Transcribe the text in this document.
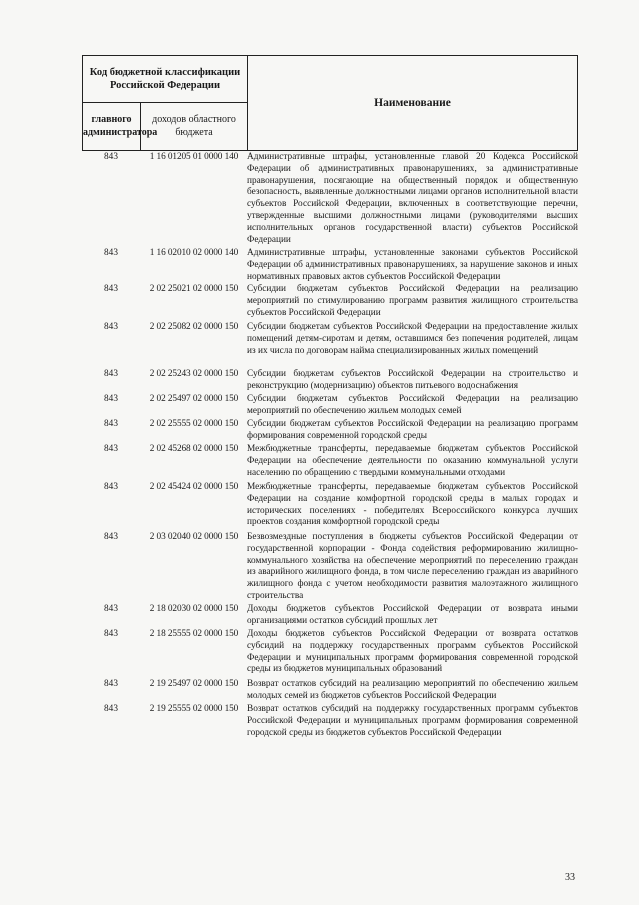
Код бюджетной классификации Российской Федерации		Наименование
главного администратора	доходов областного бюджета	
843	1 16 01205 01 0000 140 Административные штрафы, установленные главой 20 Кодекса Российской Федерации об административных правонарушениях, за административные правонарушения, посягающие на общественный порядок и общественную безопасность, выявленные должностными лицами органов исполнительной власти субъектов Российской Федерации, включенных в соответствующие перечни, утвержденные высшими должностными лицами (руководителями высших исполнительных органов государственной власти) субъектов Российской Федерации
843	1 16 02010 02 0000 140 Административные штрафы, установленные законами субъектов Российской Федерации об административных правонарушениях, за нарушение законов и иных нормативных правовых актов субъектов Российской Федерации
843	2 02 25021 02 0000 150 Субсидии бюджетам субъектов Российской Федерации на реализацию мероприятий по стимулированию программ развития жилищного строительства субъектов Российской Федерации
843	2 02 25082 02 0000 150 Субсидии бюджетам субъектов Российской Федерации на предоставление жилых помещений детям-сиротам и детям, оставшимся без попечения родителей, лицам из их числа по договорам найма специализированных жилых помещений
843	2 02 25243 02 0000 150 Субсидии бюджетам субъектов Российской Федерации на строительство и реконструкцию (модернизацию) объектов питьевого водоснабжения
843	2 02 25497 02 0000 150 Субсидии бюджетам субъектов Российской Федерации на реализацию мероприятий по обеспечению жильем молодых семей
843	2 02 25555 02 0000 150 Субсидии бюджетам субъектов Российской Федерации на реализацию программ формирования современной городской среды
843	2 02 45268 02 0000 150 Межбюджетные трансферты, передаваемые бюджетам субъектов Российской Федерации на обеспечение деятельности по оказанию коммунальной услуги населению по обращению с твердыми коммунальными отходами
843	2 02 45424 02 0000 150 Межбюджетные трансферты, передаваемые бюджетам субъектов Российской Федерации на создание комфортной городской среды в малых городах и исторических поселениях - победителях Всероссийского конкурса лучших проектов создания комфортной городской среды
843	2 03 02040 02 0000 150 Безвозмездные поступления в бюджеты субъектов Российской Федерации от государственной корпорации - Фонда содействия реформированию жилищно-коммунального хозяйства на обеспечение мероприятий по переселению граждан из аварийного жилищного фонда, в том числе переселению граждан из аварийного жилищного фонда с учетом необходимости развития малоэтажного жилищного строительства
843	2 18 02030 02 0000 150 Доходы бюджетов субъектов Российской Федерации от возврата иными организациями остатков субсидий прошлых лет
843	2 18 25555 02 0000 150 Доходы бюджетов субъектов Российской Федерации от возврата остатков субсидий на поддержку государственных программ субъектов Российской Федерации и муниципальных программ формирования современной городской среды из бюджетов муниципальных образований
843	2 19 25497 02 0000 150 Возврат остатков субсидий на реализацию мероприятий по обеспечению жильем молодых семей из бюджетов субъектов Российской Федерации
843	2 19 25555 02 0000 150 Возврат остатков субсидий на поддержку государственных программ субъектов Российской Федерации и муниципальных программ формирования современной городской среды из бюджетов субъектов Российской Федерации
33
